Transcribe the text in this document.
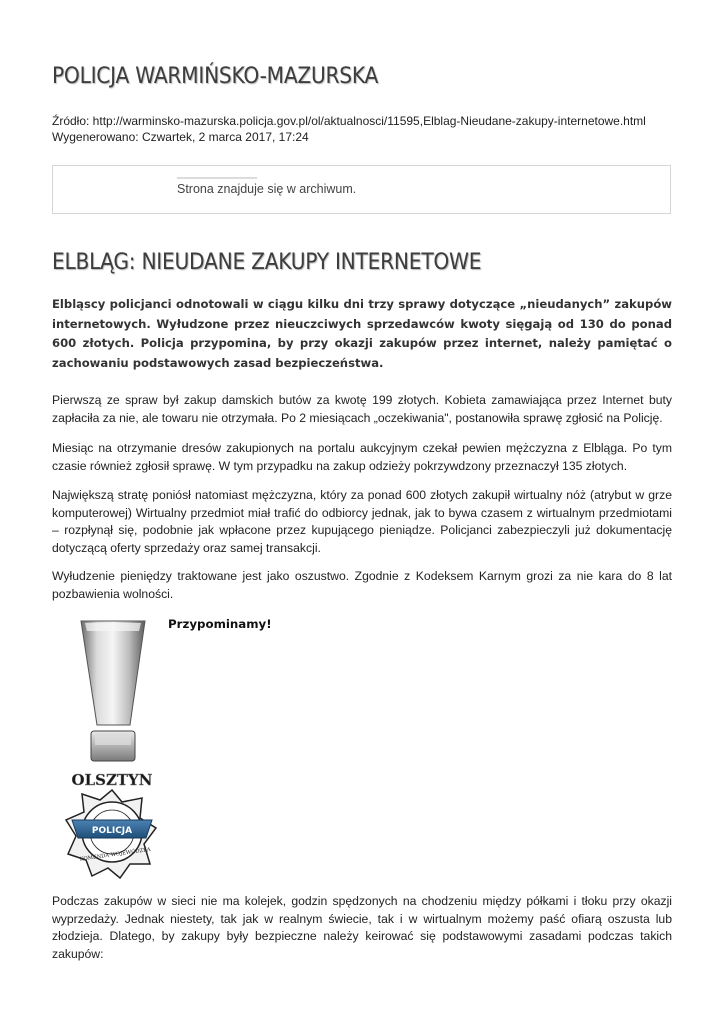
POLICJA WARMIŃSKO-MAZURSKA
Źródło: http://warminsko-mazurska.policja.gov.pl/ol/aktualnosci/11595,Elblag-Nieudane-zakupy-internetowe.html
Wygenerowano: Czwartek, 2 marca 2017, 17:24
Strona znajduje się w archiwum.
ELBLĄG: NIEUDANE ZAKUPY INTERNETOWE

Elbląscy policjanci odnotowali w ciągu kilku dni trzy sprawy dotyczące „nieudanych” zakupów internetowych. Wyłudzone przez nieuczciwych sprzedawców kwoty sięgają od 130 do ponad 600 złotych. Policja przypomina, by przy okazji zakupów przez internet, należy pamiętać o zachowaniu podstawowych zasad bezpieczeństwa.

Pierwszą ze spraw był zakup damskich butów za kwotę 199 złotych. Kobieta zamawiająca przez Internet buty zapłaciła za nie, ale towaru nie otrzymała. Po 2 miesiącach „oczekiwania", postanowiła sprawę zgłosić na Policję.

Miesiąc na otrzymanie dresów zakupionych na portalu aukcyjnym czekał pewien mężczyzna z Elbląga. Po tym czasie również zgłosił sprawę. W tym przypadku na zakup odzieży pokrzywdzony przeznaczył 135 złotych.

Największą stratę poniósł natomiast mężczyzna, który za ponad 600 złotych zakupił wirtualny nóż (atrybut w grze komputerowej) Wirtualny przedmiot miał trafić do odbiorcy jednak, jak to bywa czasem z wirtualnym przedmiotami – rozpłynął się, podobnie jak wpłacone przez kupującego pieniądze. Policjanci zabezpieczyli już dokumentację dotyczącą oferty sprzedaży oraz samej transakcji.

Wyłudzenie pieniędzy traktowane jest jako oszustwo. Zgodnie z Kodeksem Karnym grozi za nie kara do 8 lat pozbawienia wolności.

OLSZTYN
POLICJA
KOMENDA WOJEWÓDZKA
Przypominamy!

Podczas zakupów w sieci nie ma kolejek, godzin spędzonych na chodzeniu między półkami i tłoku przy okazji wyprzedaży. Jednak niestety, tak jak w realnym świecie, tak i w wirtualnym możemy paść ofiarą oszusta lub złodzieja. Dlatego, by zakupy były bezpieczne należy keirować się podstawowymi zasadami podczas takich zakupów:
